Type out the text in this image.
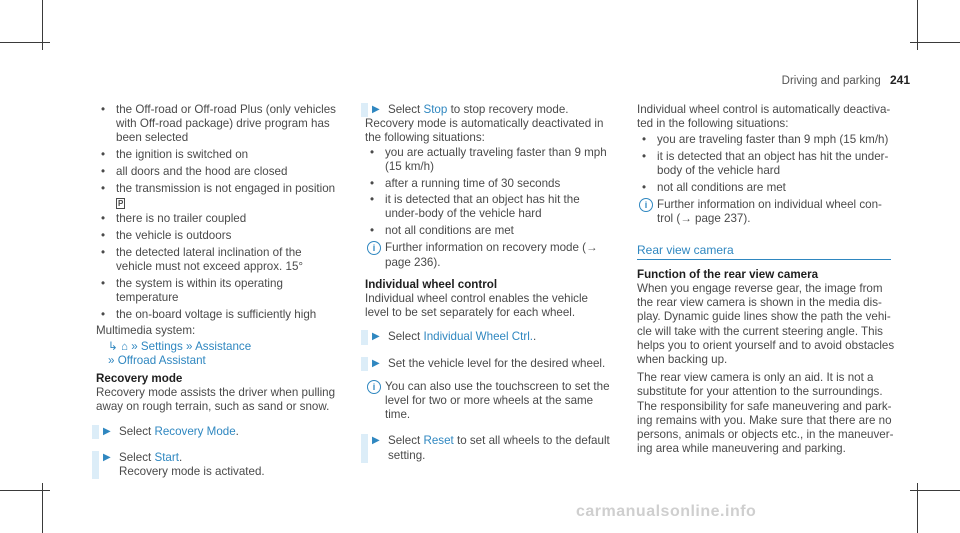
Driving and parking 241
• the Off-road or Off-road Plus (only vehicles with Off-road package) drive program has been selected
• the ignition is switched on
• all doors and the hood are closed
• the transmission is not engaged in position P
• there is no trailer coupled
• the vehicle is outdoors
• the detected lateral inclination of the vehicle must not exceed approx. 15°
• the system is within its operating temperature
• the on-board voltage is sufficiently high

Multimedia system:

↳ ⌂ » Settings » Assistance
» Offroad Assistant

Recovery mode

Recovery mode assists the driver when pulling away on rough terrain, such as sand or snow.

▶ Select Recovery Mode.
▶ Select Start.

Recovery mode is activated.

▶ Select Stop to stop recovery mode.

Recovery mode is automatically deactivated in the following situations:

• you are actually traveling faster than 9 mph (15 km/h)
• after a running time of 30 seconds
• it is detected that an object has hit the under-body of the vehicle hard
• not all conditions are met
i Further information on recovery mode (→ page 236).

Individual wheel control

Individual wheel control enables the vehicle level to be set separately for each wheel.

▶ Select Individual Wheel Ctrl..
▶ Set the vehicle level for the desired wheel.
i You can also use the touchscreen to set the level for two or more wheels at the same time.
▶ Select Reset to set all wheels to the default setting.

Individual wheel control is automatically deactiva-ted in the following situations:

• you are traveling faster than 9 mph (15 km/h)
• it is detected that an object has hit the under-body of the vehicle hard
• not all conditions are met
i Further information on individual wheel con-trol (→ page 237).
Rear view camera

Function of the rear view camera

When you engage reverse gear, the image from the rear view camera is shown in the media dis-play. Dynamic guide lines show the path the vehi-cle will take with the current steering angle. This helps you to orient yourself and to avoid obstacles when backing up.

The rear view camera is only an aid. It is not a substitute for your attention to the surroundings. The responsibility for safe maneuvering and park-ing remains with you. Make sure that there are no persons, animals or objects etc., in the maneuver-ing area while maneuvering and parking.

carmanualsonline.info
